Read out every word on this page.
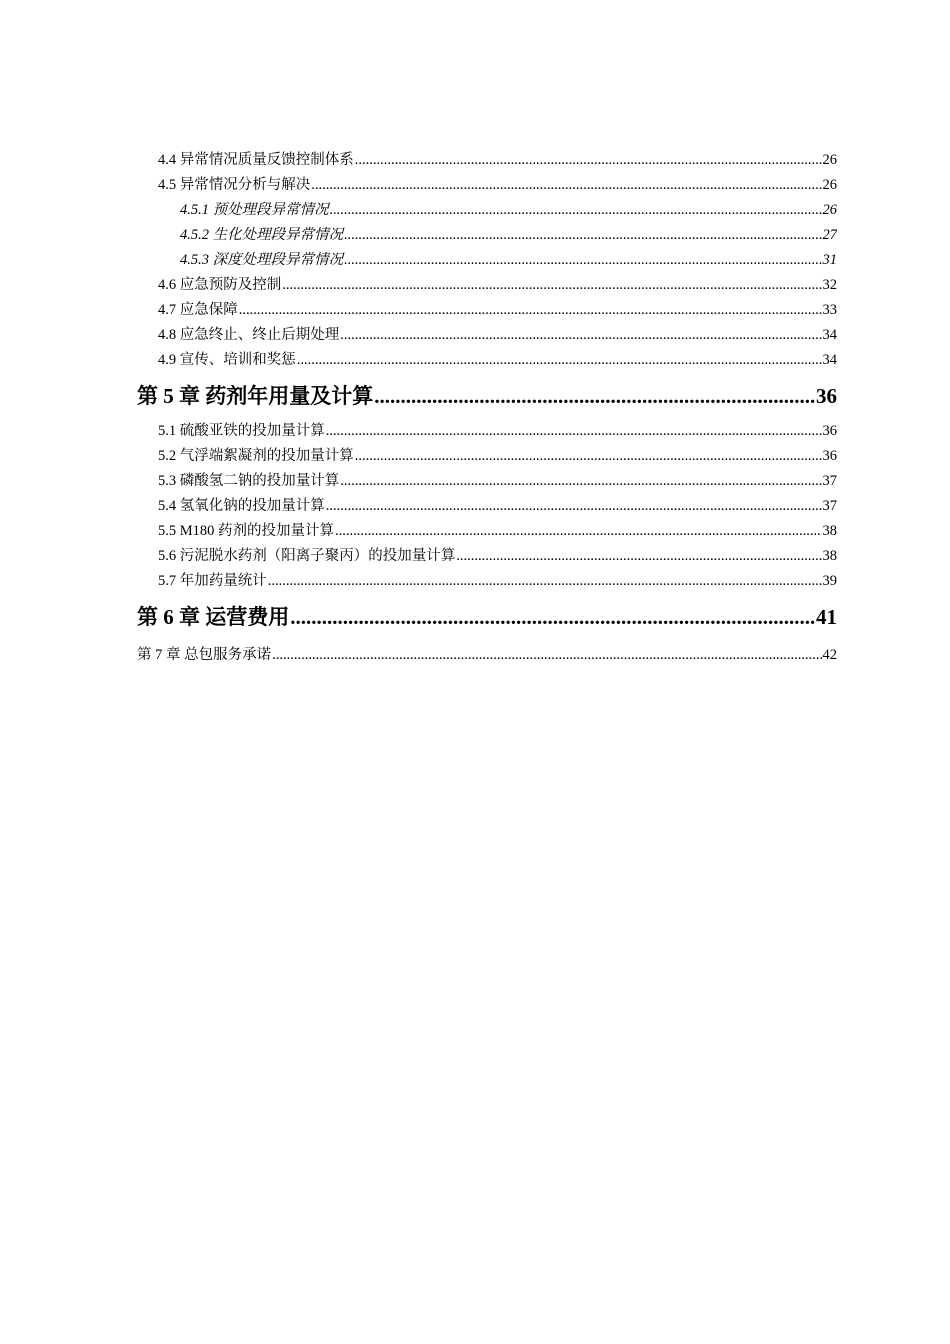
4.4 异常情况质量反馈控制体系 .....	26
4.5 异常情况分析与解决 .....	26
4.5.1 预处理段异常情况 .....	26
4.5.2 生化处理段异常情况 .....	27
4.5.3 深度处理段异常情况 .....	31
4.6 应急预防及控制 .....	32
4.7 应急保障 .....	33
4.8 应急终止、终止后期处理 .....	34
4.9 宣传、培训和奖惩 .....	34
第 5 章 药剂年用量及计算 .....	36
5.1 硫酸亚铁的投加量计算 .....	36
5.2 气浮端絮凝剂的投加量计算 .....	36
5.3 磷酸氢二钠的投加量计算 .....	37
5.4 氢氧化钠的投加量计算 .....	37
5.5 M180 药剂的投加量计算 .....	38
5.6 污泥脱水药剂（阳离子聚丙）的投加量计算 .....	38
5.7 年加药量统计 .....	39
第 6 章 运营费用 .....	41
第 7 章 总包服务承诺 .....	42
